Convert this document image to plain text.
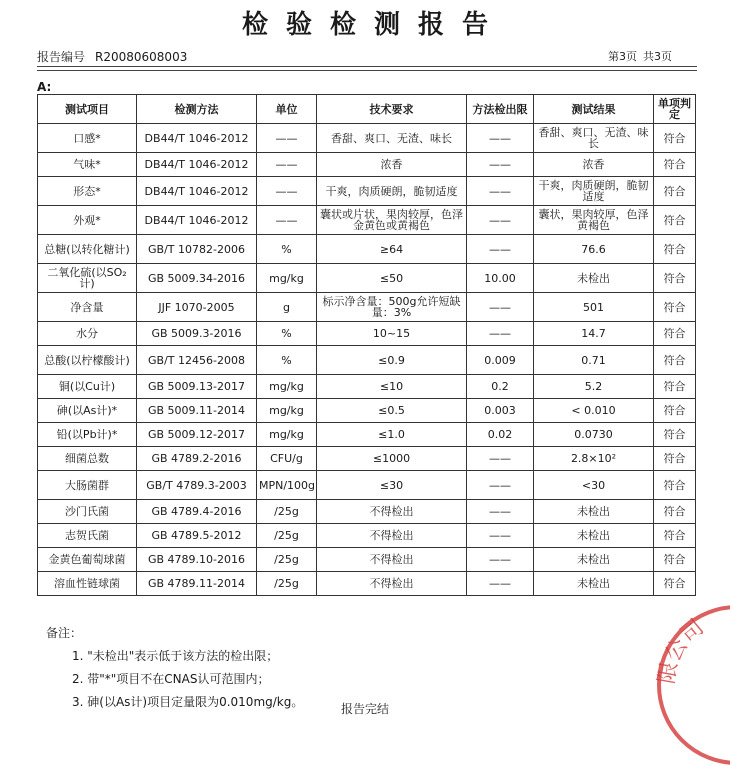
检验检测报告
报告编号 R20080608003	第3页 共3页
A:
测试项目	检测方法	单位	技术要求	方法检出限	测试结果	单项判定
口感*	DB44/T 1046-2012	——	香甜、爽口、无渣、味长	——	香甜、爽口、无渣、味长	符合
气味*	DB44/T 1046-2012	——	浓香	——	浓香	符合
形态*	DB44/T 1046-2012	——	干爽，肉质硬朗，脆韧适度	——	干爽，肉质硬朗，脆韧适度	符合
外观*	DB44/T 1046-2012	——	囊状或片状，果肉较厚，色泽金黄色或黄褐色	——	囊状，果肉较厚，色泽黄褐色	符合
总糖(以转化糖计)	GB/T 10782-2006	%	≥64	——	76.6	符合
二氧化硫(以SO₂计)	GB 5009.34-2016	mg/kg	≤50	10.00	未检出	符合
净含量	JJF 1070-2005	g	标示净含量：500g允许短缺量：3%	——	501	符合
水分	GB 5009.3-2016	%	10~15	——	14.7	符合
总酸(以柠檬酸计)	GB/T 12456-2008	%	≤0.9	0.009	0.71	符合
铜(以Cu计)	GB 5009.13-2017	mg/kg	≤10	0.2	5.2	符合
砷(以As计)*	GB 5009.11-2014	mg/kg	≤0.5	0.003	< 0.010	符合
铅(以Pb计)*	GB 5009.12-2017	mg/kg	≤1.0	0.02	0.0730	符合
细菌总数	GB 4789.2-2016	CFU/g	≤1000	——	2.8×10²	符合
大肠菌群	GB/T 4789.3-2003	MPN/100g	≤30	——	<30	符合
沙门氏菌	GB 4789.4-2016	/25g	不得检出	——	未检出	符合
志贺氏菌	GB 4789.5-2012	/25g	不得检出	——	未检出	符合
金黄色葡萄球菌	GB 4789.10-2016	/25g	不得检出	——	未检出	符合
溶血性链球菌	GB 4789.11-2014	/25g	不得检出	——	未检出	符合
备注：
1. "未检出"表示低于该方法的检出限；
2. 带"*"项目不在CNAS认可范围内；
3. 砷(以As计)项目定量限为0.010mg/kg。	报告完结
限公司
